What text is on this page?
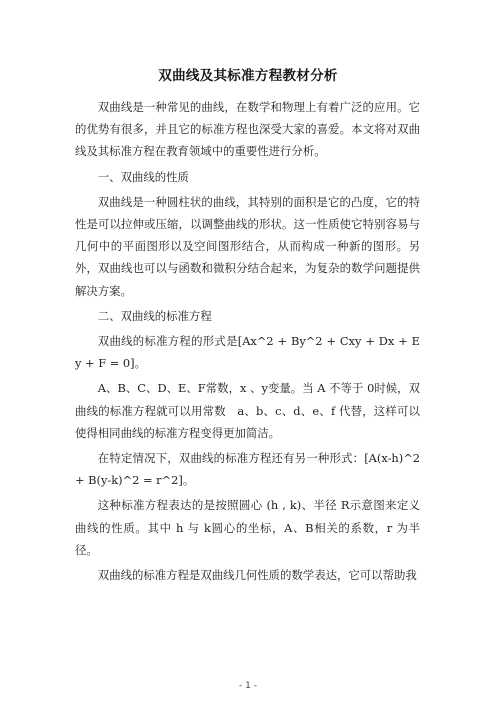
双曲线及其标准方程教材分析

双曲线是一种常见的曲线，在数学和物理上有着广泛的应用。它的优势有很多，并且它的标准方程也深受大家的喜爱。本文将对双曲线及其标准方程在教育领域中的重要性进行分析。

一、双曲线的性质

双曲线是一种圆柱状的曲线，其特别的面积是它的凸度，它的特性是可以拉伸或压缩，以调整曲线的形状。这一性质使它特别容易与几何中的平面图形以及空间图形结合，从而构成一种新的图形。另外，双曲线也可以与函数和微积分结合起来，为复杂的数学问题提供解决方案。

二、双曲线的标准方程

双曲线的标准方程的形式是[Ax^2 + By^2 + Cxy + Dx + Ey + F = 0]。

A、B、C、D、E、F常数，x 、y变量。当 A 不等于 0时候，双曲线的标准方程就可以用常数　a、b、c、d、e、f 代替，这样可以使得相同曲线的标准方程变得更加简洁。

在特定情况下，双曲线的标准方程还有另一种形式：[A(x-h)^2 + B(y-k)^2 = r^2]。

这种标准方程表达的是按照圆心 (h , k)、半径 R示意图来定义曲线的性质。其中 h 与 k圆心的坐标，A、B相关的系数，r 为半径。

双曲线的标准方程是双曲线几何性质的数学表达，它可以帮助我

- 1 -
